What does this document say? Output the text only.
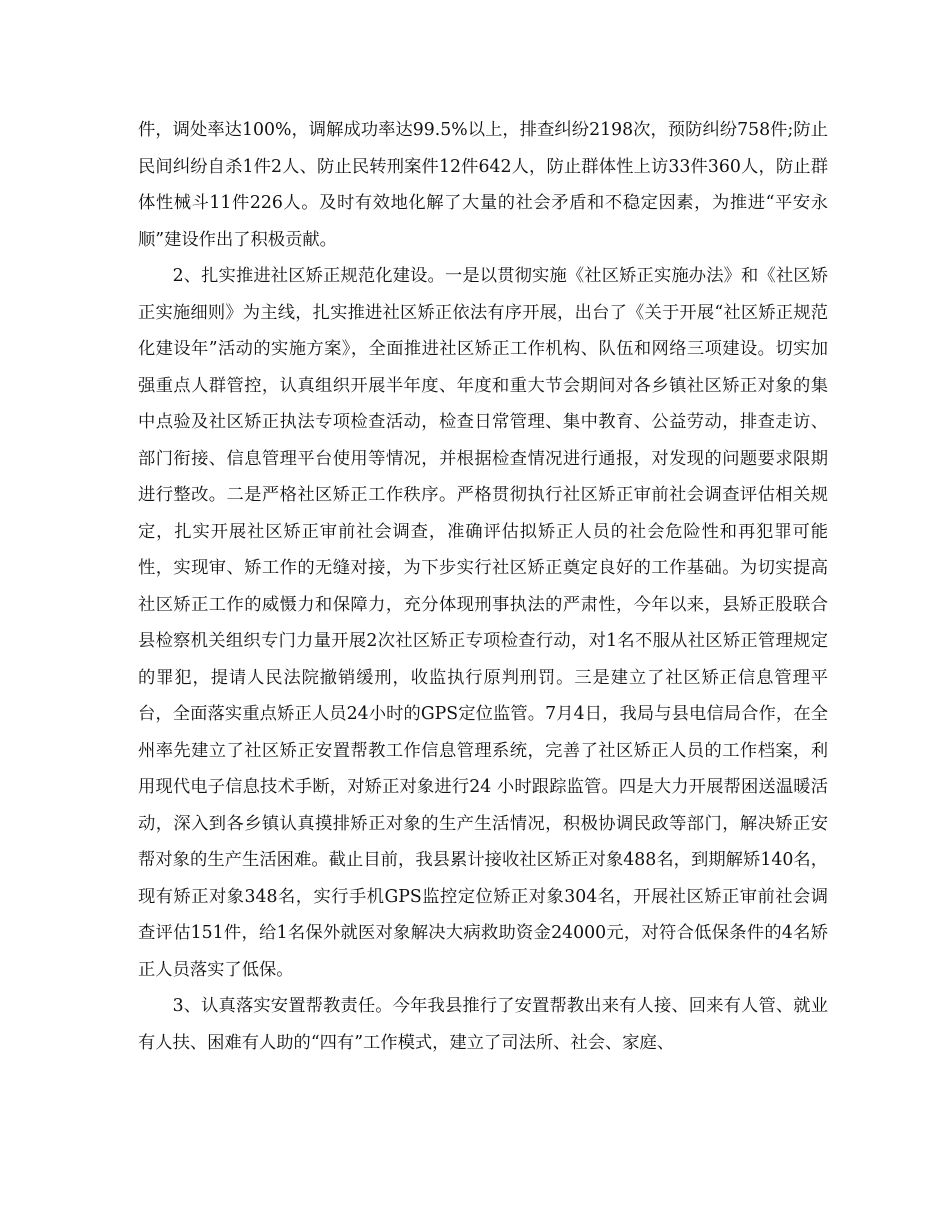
件，调处率达100%，调解成功率达99.5%以上，排查纠纷2198次，预防纠纷758件;防止民间纠纷自杀1件2人、防止民转刑案件12件642人，防止群体性上访33件360人，防止群体性械斗11件226人。及时有效地化解了大量的社会矛盾和不稳定因素，为推进“平安永顺”建设作出了积极贡献。

2、扎实推进社区矫正规范化建设。一是以贯彻实施《社区矫正实施办法》和《社区矫正实施细则》为主线，扎实推进社区矫正依法有序开展，出台了《关于开展“社区矫正规范化建设年”活动的实施方案》，全面推进社区矫正工作机构、队伍和网络三项建设。切实加强重点人群管控，认真组织开展半年度、年度和重大节会期间对各乡镇社区矫正对象的集中点验及社区矫正执法专项检查活动，检查日常管理、集中教育、公益劳动，排查走访、部门衔接、信息管理平台使用等情况，并根据检查情况进行通报，对发现的问题要求限期进行整改。二是严格社区矫正工作秩序。严格贯彻执行社区矫正审前社会调查评估相关规定，扎实开展社区矫正审前社会调查，准确评估拟矫正人员的社会危险性和再犯罪可能性，实现审、矫工作的无缝对接，为下步实行社区矫正奠定良好的工作基础。为切实提高社区矫正工作的威慑力和保障力，充分体现刑事执法的严肃性，今年以来，县矫正股联合县检察机关组织专门力量开展2次社区矫正专项检查行动，对1名不服从社区矫正管理规定的罪犯，提请人民法院撤销缓刑，收监执行原判刑罚。三是建立了社区矫正信息管理平台，全面落实重点矫正人员24小时的GPS定位监管。7月4日，我局与县电信局合作，在全州率先建立了社区矫正安置帮教工作信息管理系统，完善了社区矫正人员的工作档案，利用现代电子信息技术手断，对矫正对象进行24 小时跟踪监管。四是大力开展帮困送温暖活动，深入到各乡镇认真摸排矫正对象的生产生活情况，积极协调民政等部门，解决矫正安帮对象的生产生活困难。截止目前，我县累计接收社区矫正对象488名，到期解矫140名，现有矫正对象348名，实行手机GPS监控定位矫正对象304名，开展社区矫正审前社会调查评估151件，给1名保外就医对象解决大病救助资金24000元，对符合低保条件的4名矫正人员落实了低保。

3、认真落实安置帮教责任。今年我县推行了安置帮教出来有人接、回来有人管、就业有人扶、困难有人助的“四有”工作模式，建立了司法所、社会、家庭、
